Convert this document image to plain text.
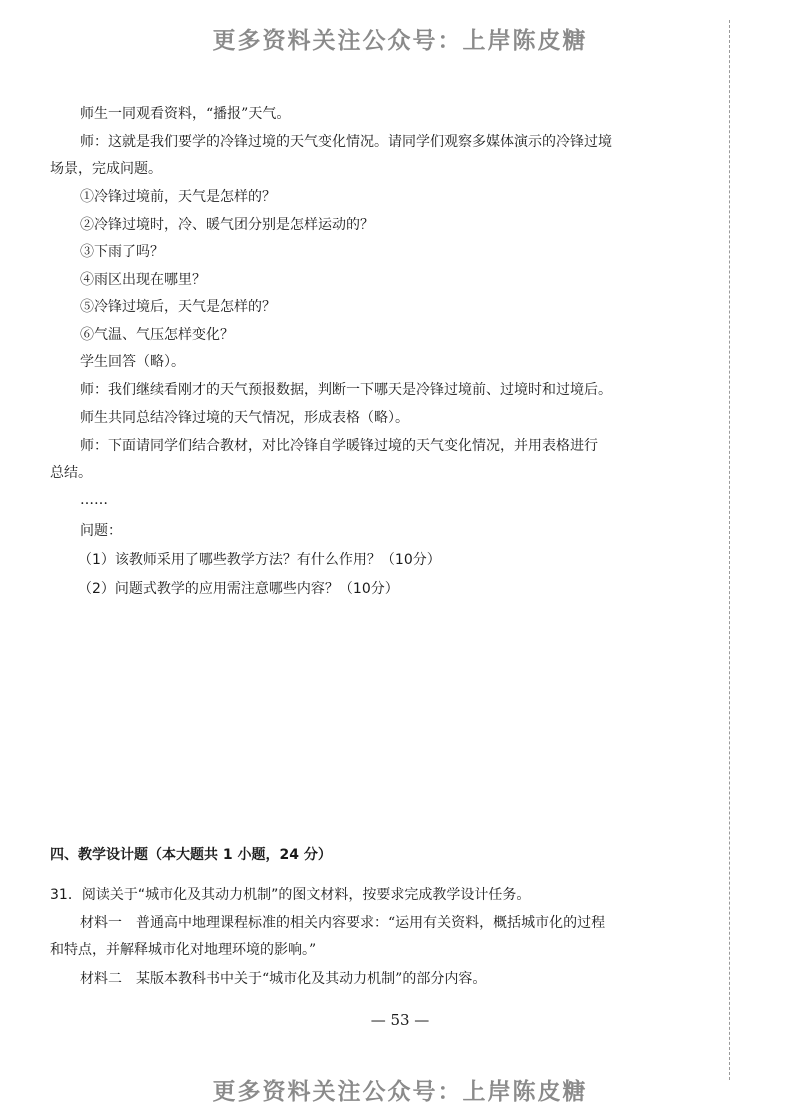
更多资料关注公众号：上岸陈皮糖
师生一同观看资料，“播报”天气。
师：这就是我们要学的冷锋过境的天气变化情况。请同学们观察多媒体演示的冷锋过境
场景，完成问题。
①冷锋过境前，天气是怎样的？
②冷锋过境时，冷、暖气团分别是怎样运动的？
③下雨了吗？
④雨区出现在哪里？
⑤冷锋过境后，天气是怎样的？
⑥气温、气压怎样变化？
学生回答（略）。
师：我们继续看刚才的天气预报数据，判断一下哪天是冷锋过境前、过境时和过境后。
师生共同总结冷锋过境的天气情况，形成表格（略）。
师：下面请同学们结合教材，对比冷锋自学暖锋过境的天气变化情况，并用表格进行
总结。
……
问题：
（1）该教师采用了哪些教学方法？有什么作用？（10分）
（2）问题式教学的应用需注意哪些内容？（10分）
四、教学设计题（本大题共 1 小题，24 分）
31．阅读关于“城市化及其动力机制”的图文材料，按要求完成教学设计任务。
材料一　普通高中地理课程标准的相关内容要求：“运用有关资料，概括城市化的过程
和特点，并解释城市化对地理环境的影响。”
材料二　某版本教科书中关于“城市化及其动力机制”的部分内容。
— 53 —
更多资料关注公众号：上岸陈皮糖
